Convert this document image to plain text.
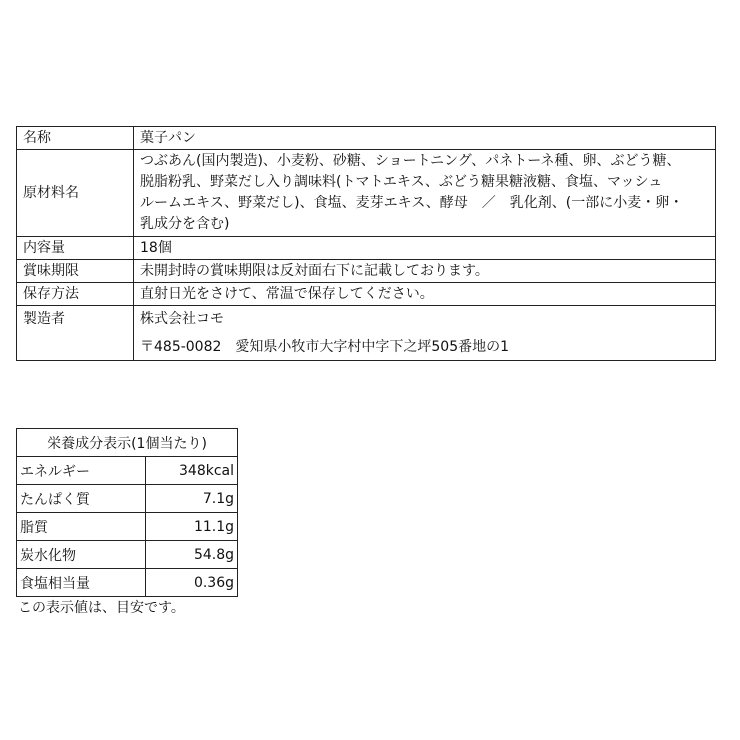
名称	菓子パン
原材料名	つぶあん(国内製造)、小麦粉、砂糖、ショートニング、パネトーネ種、卵、ぶどう糖、
脱脂粉乳、野菜だし入り調味料(トマトエキス、ぶどう糖果糖液糖、食塩、マッシュ
ルームエキス、野菜だし)、食塩、麦芽エキス、酵母　／　乳化剤、(一部に小麦・卵・
乳成分を含む)

内容量	18個
賞味期限	未開封時の賞味期限は反対面右下に記載しております。
保存方法	直射日光をさけて、常温で保存してください。
製造者	株式会社コモ
〒485-0082　愛知県小牧市大字村中字下之坪505番地の1
栄養成分表示(1個当たり)	
エネルギー	348kcal
たんぱく質	7.1g
脂質	11.1g
炭水化物	54.8g
食塩相当量	0.36g
この表示値は、目安です。
